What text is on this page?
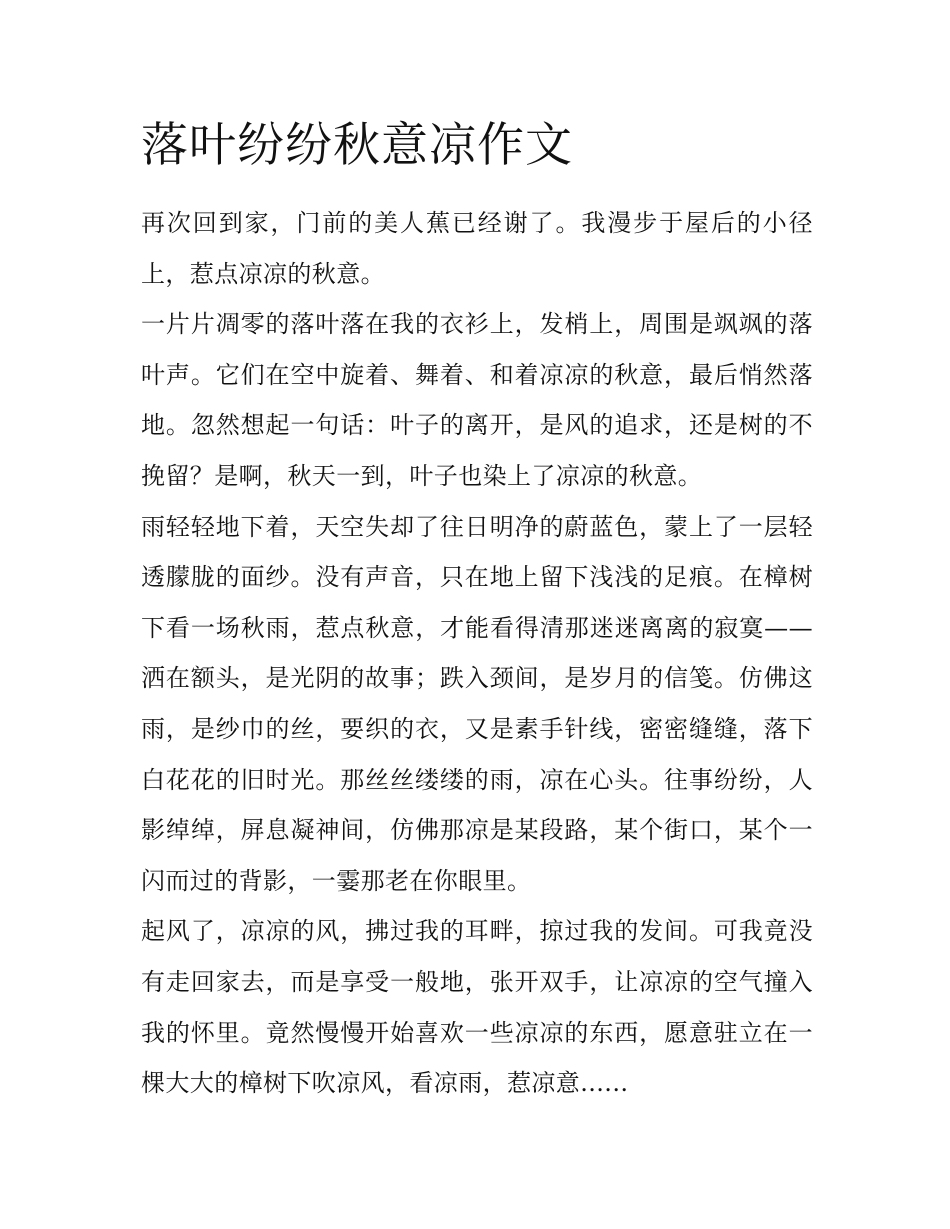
落叶纷纷秋意凉作文

再次回到家，门前的美人蕉已经谢了。我漫步于屋后的小径上，惹点凉凉的秋意。

一片片凋零的落叶落在我的衣衫上，发梢上，周围是飒飒的落叶声。它们在空中旋着、舞着、和着凉凉的秋意，最后悄然落地。忽然想起一句话：叶子的离开，是风的追求，还是树的不挽留？是啊，秋天一到，叶子也染上了凉凉的秋意。

雨轻轻地下着，天空失却了往日明净的蔚蓝色，蒙上了一层轻透朦胧的面纱。没有声音，只在地上留下浅浅的足痕。在樟树下看一场秋雨，惹点秋意，才能看得清那迷迷离离的寂寞——洒在额头，是光阴的故事；跌入颈间，是岁月的信笺。仿佛这雨，是纱巾的丝，要织的衣，又是素手针线，密密缝缝，落下白花花的旧时光。那丝丝缕缕的雨，凉在心头。往事纷纷，人影绰绰，屏息凝神间，仿佛那凉是某段路，某个街口，某个一闪而过的背影，一霎那老在你眼里。

起风了，凉凉的风，拂过我的耳畔，掠过我的发间。可我竟没有走回家去，而是享受一般地，张开双手，让凉凉的空气撞入我的怀里。竟然慢慢开始喜欢一些凉凉的东西，愿意驻立在一棵大大的樟树下吹凉风，看凉雨，惹凉意......
